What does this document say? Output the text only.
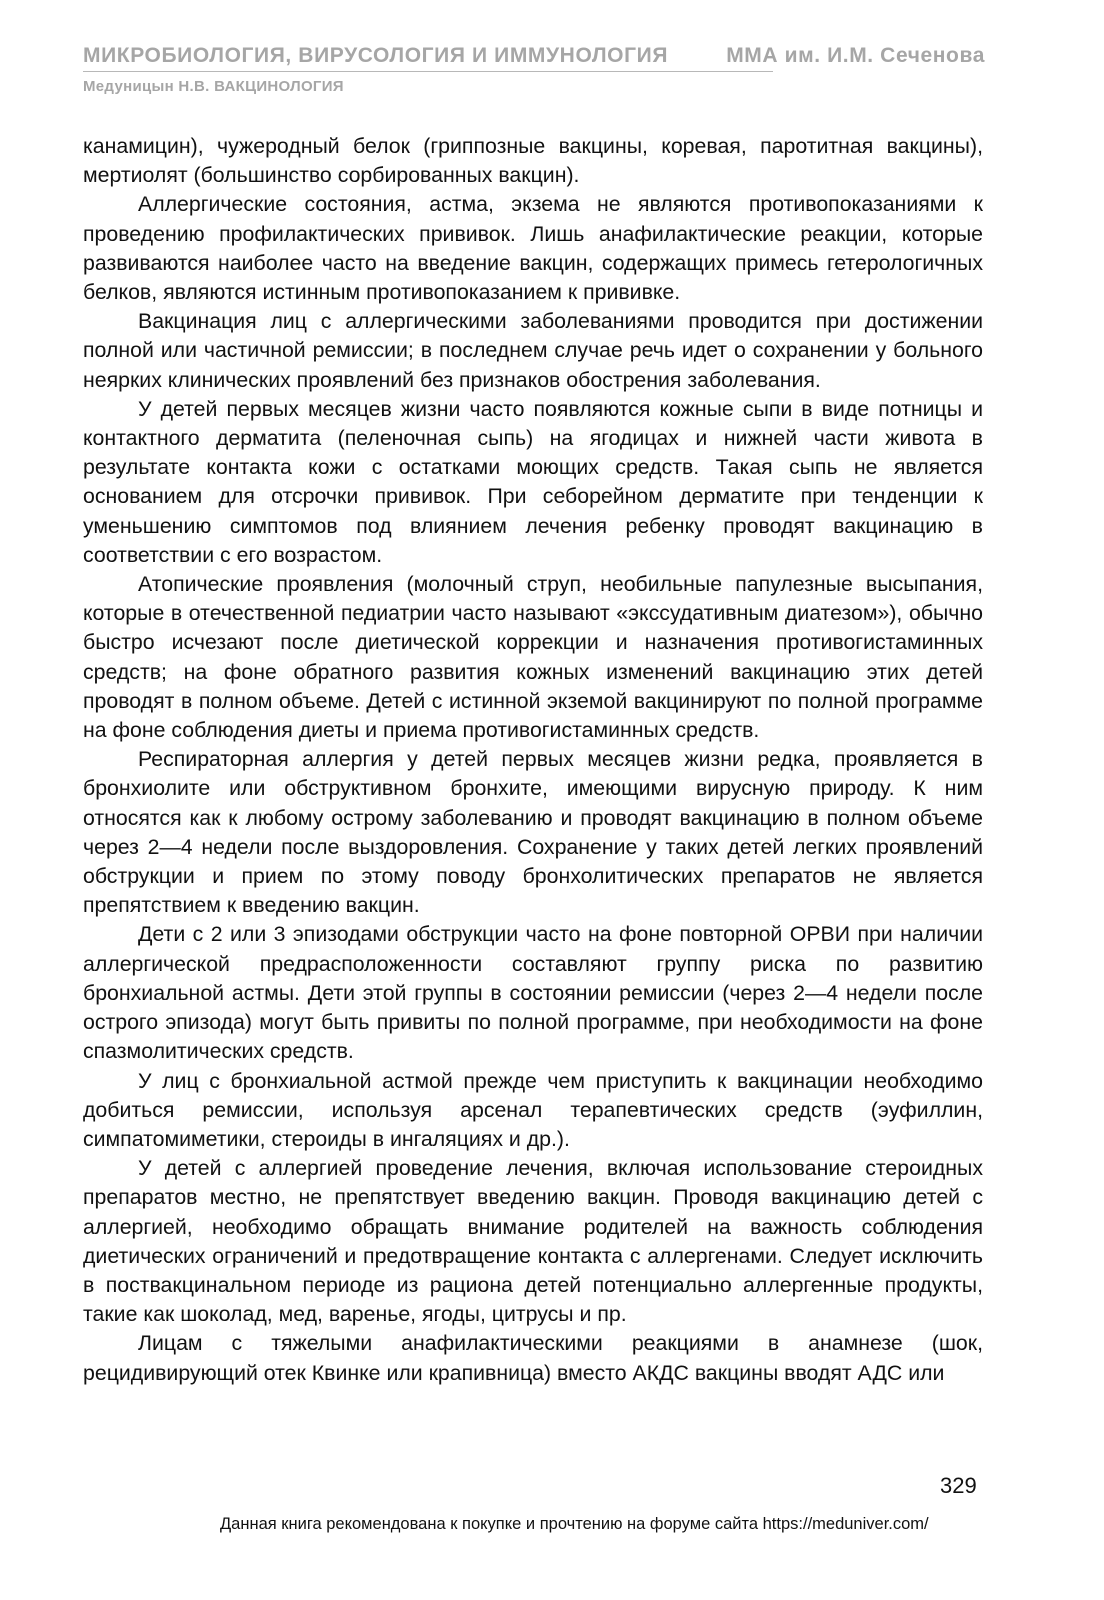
МИКРОБИОЛОГИЯ, ВИРУСОЛОГИЯ И ИММУНОЛОГИЯ	ММА им. И.М. Сеченова
Медуницын Н.В. ВАКЦИНОЛОГИЯ

канамицин), чужеродный белок (гриппозные вакцины, коревая, паротитная вакцины), мертиолят (большинство сорбированных вакцин).

Аллергические состояния, астма, экзема не являются противопоказаниями к проведению профилактических прививок. Лишь анафилактические реакции, которые развиваются наиболее часто на введение вакцин, содержащих примесь гетерологичных белков, являются истинным противопоказанием к прививке.

Вакцинация лиц с аллергическими заболеваниями проводится при достижении полной или частичной ремиссии; в последнем случае речь идет о сохранении у больного неярких клинических проявлений без признаков обострения заболевания.

У детей первых месяцев жизни часто появляются кожные сыпи в виде потницы и контактного дерматита (пеленочная сыпь) на ягодицах и нижней части живота в результате контакта кожи с остатками моющих средств. Такая сыпь не является основанием для отсрочки прививок. При себорейном дерматите при тенденции к уменьшению симптомов под влиянием лечения ребенку проводят вакцинацию в соответствии с его возрастом.

Атопические проявления (молочный струп, необильные папулезные высыпания, которые в отечественной педиатрии часто называют «экссудативным диатезом»), обычно быстро исчезают после диетической коррекции и назначения противогистаминных средств; на фоне обратного развития кожных изменений вакцинацию этих детей проводят в полном объеме. Детей с истинной экземой вакцинируют по полной программе на фоне соблюдения диеты и приема противогистаминных средств.

Респираторная аллергия у детей первых месяцев жизни редка, проявляется в бронхиолите или обструктивном бронхите, имеющими вирусную природу. К ним относятся как к любому острому заболеванию и проводят вакцинацию в полном объеме через 2—4 недели после выздоровления. Сохранение у таких детей легких проявлений обструкции и прием по этому поводу бронхолитических препаратов не является препятствием к введению вакцин.

Дети с 2 или 3 эпизодами обструкции часто на фоне повторной ОРВИ при наличии аллергической предрасположенности составляют группу риска по развитию бронхиальной астмы. Дети этой группы в состоянии ремиссии (через 2—4 недели после острого эпизода) могут быть привиты по полной программе, при необходимости на фоне спазмолитических средств.

У лиц с бронхиальной астмой прежде чем приступить к вакцинации необходимо добиться ремиссии, используя арсенал терапевтических средств (эуфиллин, симпатомиметики, стероиды в ингаляциях и др.).

У детей с аллергией проведение лечения, включая использование стероидных препаратов местно, не препятствует введению вакцин. Проводя вакцинацию детей с аллергией, необходимо обращать внимание родителей на важность соблюдения диетических ограничений и предотвращение контакта с аллергенами. Следует исключить в поствакцинальном периоде из рациона детей потенциально аллергенные продукты, такие как шоколад, мед, варенье, ягоды, цитрусы и пр.

Лицам с тяжелыми анафилактическими реакциями в анамнезе (шок, рецидивирующий отек Квинке или крапивница) вместо АКДС вакцины вводят АДС или

329
Данная книга рекомендована к покупке и прочтению на форуме сайта https://meduniver.com/
